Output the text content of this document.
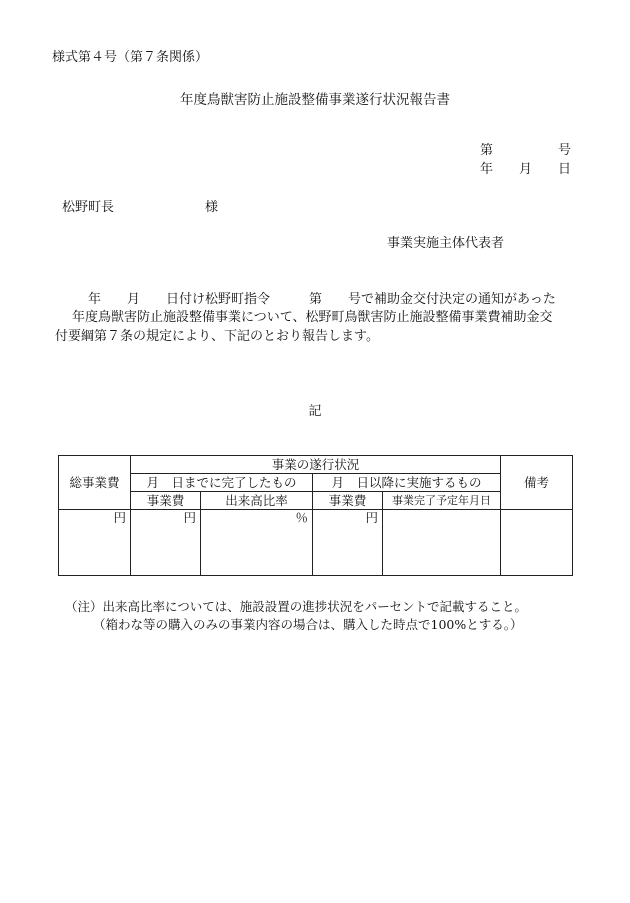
様式第４号（第７条関係）
年度鳥獣害防止施設整備事業遂行状況報告書
第　　　　　号
年　　月　　日
松野町長　　　　　　　様
事業実施主体代表者
年　　月　　日付け松野町指令　　　第　　号で補助金交付決定の通知があった
年度鳥獣害防止施設整備事業について、松野町鳥獣害防止施設整備事業費補助金交
付要綱第７条の規定により、下記のとおり報告します。
記
総事業費	事業の遂行状況				備考
	月　日までに完了したもの		月　日以降に実施するもの		
	事業費	出来高比率	事業費	事業完了予定年月日	
円	円	％	円		
（注）出来高比率については、施設設置の進捗状況をパーセントで記載すること。
（箱わな等の購入のみの事業内容の場合は、購入した時点で100%とする。）
